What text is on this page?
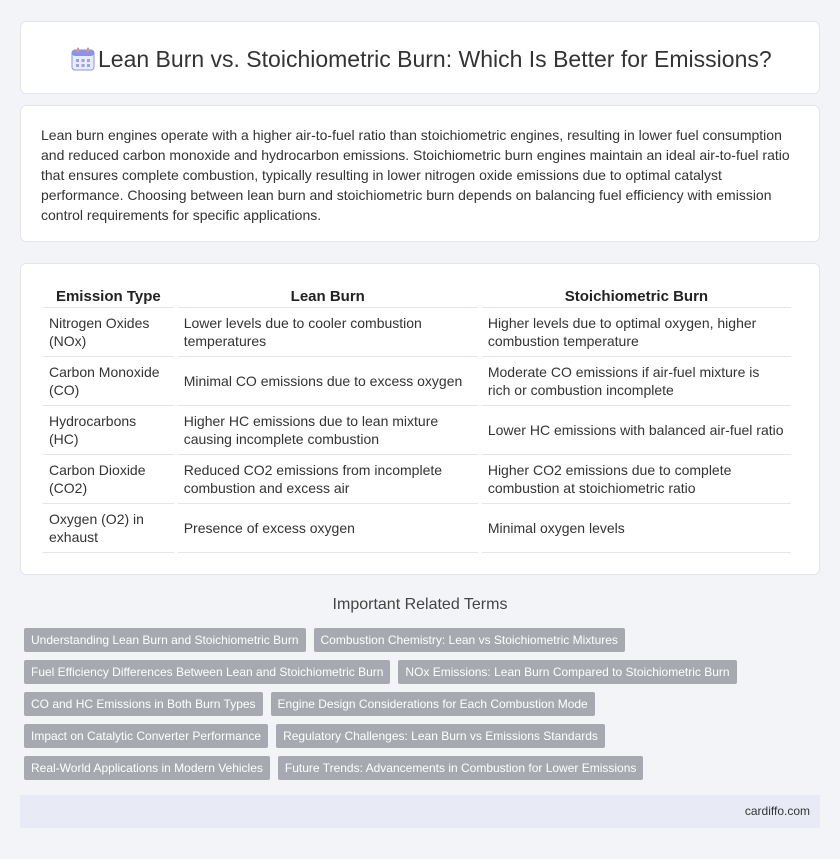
Lean Burn vs. Stoichiometric Burn: Which Is Better for Emissions?

Lean burn engines operate with a higher air-to-fuel ratio than stoichiometric engines, resulting in lower fuel consumption and reduced carbon monoxide and hydrocarbon emissions. Stoichiometric burn engines maintain an ideal air-to-fuel ratio that ensures complete combustion, typically resulting in lower nitrogen oxide emissions due to optimal catalyst performance. Choosing between lean burn and stoichiometric burn depends on balancing fuel efficiency with emission control requirements for specific applications.

Emission Type	Lean Burn	Stoichiometric Burn
Nitrogen Oxides (NOx)	Lower levels due to cooler combustion temperatures	Higher levels due to optimal oxygen, higher combustion temperature
Carbon Monoxide (CO)	Minimal CO emissions due to excess oxygen	Moderate CO emissions if air-fuel mixture is rich or combustion incomplete
Hydrocarbons (HC)	Higher HC emissions due to lean mixture causing incomplete combustion	Lower HC emissions with balanced air-fuel ratio
Carbon Dioxide (CO2)	Reduced CO2 emissions from incomplete combustion and excess air	Higher CO2 emissions due to complete combustion at stoichiometric ratio
Oxygen (O2) in exhaust	Presence of excess oxygen	Minimal oxygen levels
Important Related Terms
Understanding Lean Burn and Stoichiometric Burn	Combustion Chemistry: Lean vs Stoichiometric Mixtures
Fuel Efficiency Differences Between Lean and Stoichiometric Burn	NOx Emissions: Lean Burn Compared to Stoichiometric Burn
CO and HC Emissions in Both Burn Types	Engine Design Considerations for Each Combustion Mode
Impact on Catalytic Converter Performance	Regulatory Challenges: Lean Burn vs Emissions Standards
Real-World Applications in Modern Vehicles	Future Trends: Advancements in Combustion for Lower Emissions
cardiffo.com
